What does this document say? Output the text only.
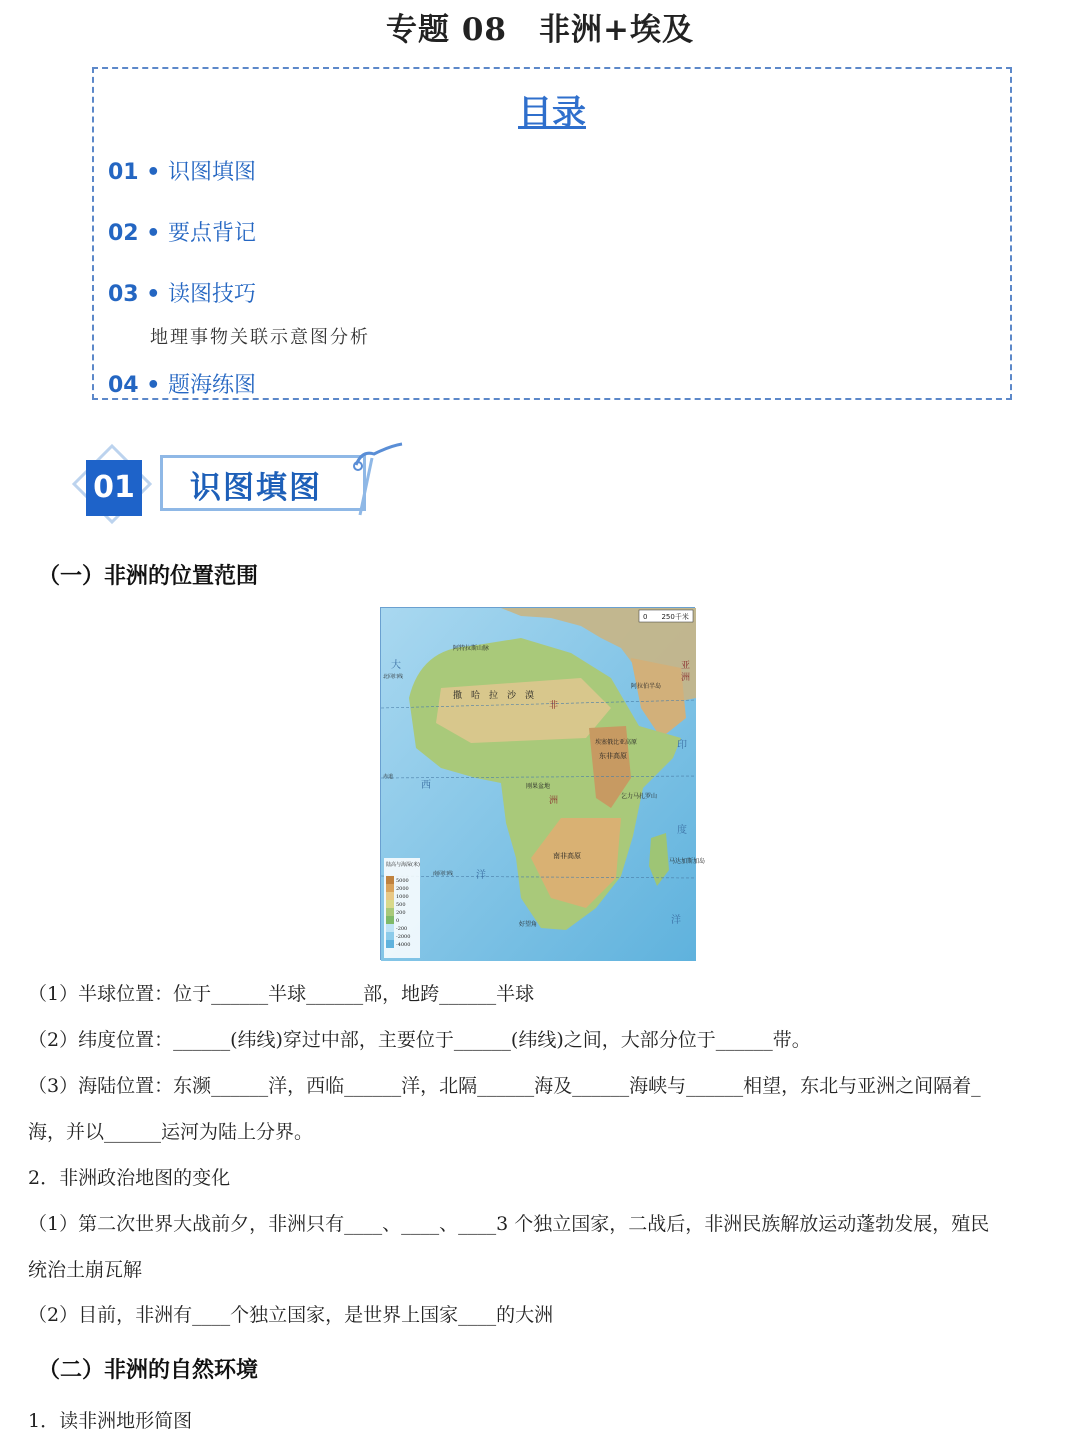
专题 08　非洲+埃及
目录
01 • 识图填图
02 • 要点背记
03 • 读图技巧
地理事物关联示意图分析
04 • 题海练图
01 识图填图
（一）非洲的位置范围
0　　250千米
撒　哈　拉　沙　漠
阿特拉斯山脉
东非高原
南非高原
刚果盆地
好望角
阿拉伯半岛
马达加斯加岛
埃塞俄比亚高原
乞力马扎罗山
大
西
洋
印
度
洋
亚
洲
非
洲
北回归线
赤道
南回归线
陆高与海深(米)
5000
2000
1000
500
200
0
-200
-2000
-4000
（1）半球位置：位于______半球______部，地跨______半球
（2）纬度位置：______(纬线)穿过中部，主要位于______(纬线)之间，大部分位于______带。
（3）海陆位置：东濒______洋，西临______洋，北隔______海及______海峡与______相望，东北与亚洲之间隔着_
海，并以______运河为陆上分界。
2．非洲政治地图的变化
（1）第二次世界大战前夕，非洲只有____、____、____3 个独立国家，二战后，非洲民族解放运动蓬勃发展，殖民
统治土崩瓦解
（2）目前，非洲有____个独立国家，是世界上国家____的大洲
（二）非洲的自然环境
1．读非洲地形简图
